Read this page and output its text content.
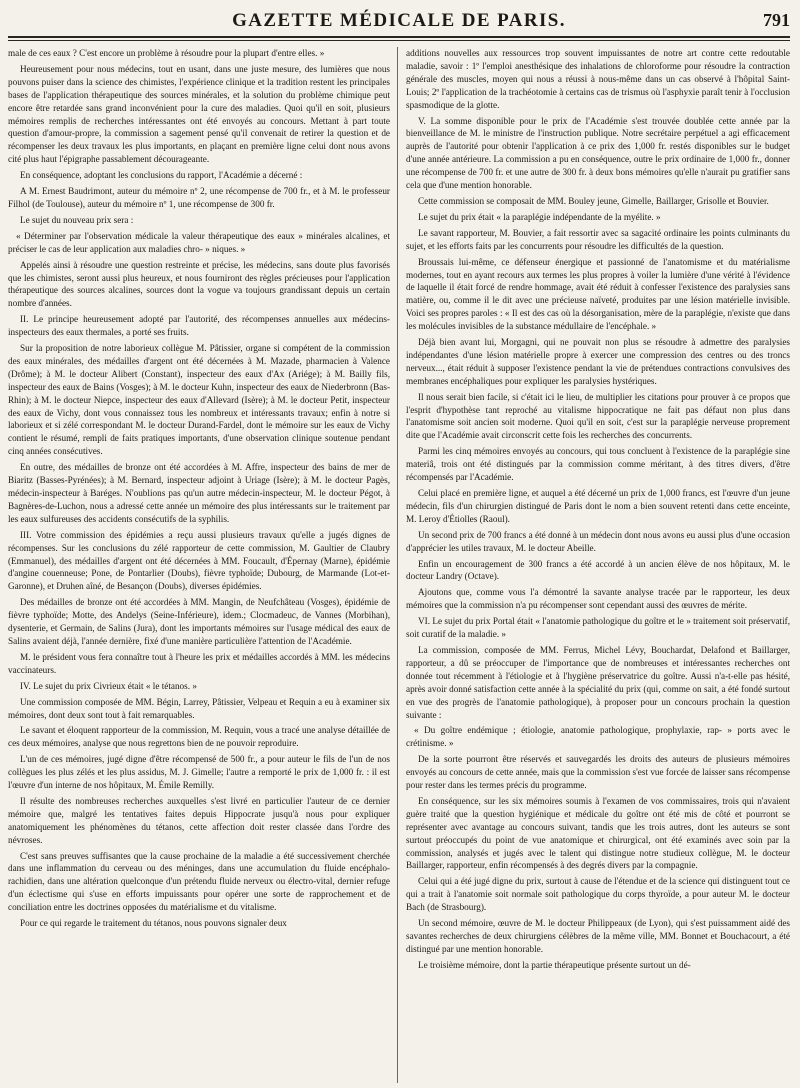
GAZETTE MÉDICALE DE PARIS.	791

male de ces eaux ? C'est encore un problème à résoudre pour la plupart d'entre elles. »

Heureusement pour nous médecins, tout en usant, dans une juste mesure, des lumières que nous pouvons puiser dans la science des chimistes, l'expérience clinique et la tradition restent les principales bases de l'application thérapeutique des sources minérales, et la solution du problème chimique peut encore être retardée sans grand inconvénient pour la cure des maladies. Quoi qu'il en soit, plusieurs mémoires remplis de recherches intéressantes ont été envoyés au concours. Mettant à part toute question d'amour-propre, la commission a sagement pensé qu'il convenait de retirer la question et de récompenser les deux travaux les plus importants, en plaçant en première ligne celui dont nous avons cité plus haut l'épigraphe passablement décourageante.

En conséquence, adoptant les conclusions du rapport, l'Académie a décerné :

A M. Ernest Baudrimont, auteur du mémoire nº 2, une récompense de 700 fr., et à M. le professeur Filhol (de Toulouse), auteur du mémoire nº 1, une récompense de 300 fr.

Le sujet du nouveau prix sera :

« Déterminer par l'observation médicale la valeur thérapeutique des eaux » minérales alcalines, et préciser le cas de leur application aux maladies chro- » niques. »

Appelés ainsi à résoudre une question restreinte et précise, les médecins, sans doute plus favorisés que les chimistes, seront aussi plus heureux, et nous fourniront des règles précieuses pour l'application thérapeutique des sources alcalines, sources dont la vogue va toujours grandissant depuis un certain nombre d'années.

II. Le principe heureusement adopté par l'autorité, des récompenses annuelles aux médecins-inspecteurs des eaux thermales, a porté ses fruits.

Sur la proposition de notre laborieux collègue M. Pâtissier, organe si compétent de la commission des eaux minérales, des médailles d'argent ont été décernées à M. Mazade, pharmacien à Valence (Drôme); à M. le docteur Alibert (Constant), inspecteur des eaux d'Ax (Ariége); à M. Bailly fils, inspecteur des eaux de Bains (Vosges); à M. le docteur Kuhn, inspecteur des eaux de Niederbronn (Bas-Rhin); à M. le docteur Niepce, inspecteur des eaux d'Allevard (Isère); à M. le docteur Petit, inspecteur des eaux de Vichy, dont vous connaissez tous les nombreux et intéressants travaux; enfin à notre si laborieux et si zélé correspondant M. le docteur Durand-Fardel, dont le mémoire sur les eaux de Vichy contient le résumé, rempli de faits pratiques importants, d'une observation clinique soutenue pendant cinq années consécutives.

En outre, des médailles de bronze ont été accordées à M. Affre, inspecteur des bains de mer de Biaritz (Basses-Pyrénées); à M. Bernard, inspecteur adjoint à Uriage (Isère); à M. le docteur Pagès, médecin-inspecteur à Baréges. N'oublions pas qu'un autre médecin-inspecteur, M. le docteur Pégot, à Bagnères-de-Luchon, nous a adressé cette année un mémoire des plus intéressants sur le traitement par les eaux sulfureuses des accidents consécutifs de la syphilis.

III. Votre commission des épidémies a reçu aussi plusieurs travaux qu'elle a jugés dignes de récompenses. Sur les conclusions du zélé rapporteur de cette commission, M. Gaultier de Claubry (Emmanuel), des médailles d'argent ont été décernées à MM. Foucault, d'Épernay (Marne), épidémie d'angine couenneuse; Pone, de Pontarlier (Doubs), fièvre typhoïde; Dubourg, de Marmande (Lot-et-Garonne), et Druhen aîné, de Besançon (Doubs), diverses épidémies.

Des médailles de bronze ont été accordées à MM. Mangin, de Neufchâteau (Vosges), épidémie de fièvre typhoïde; Motte, des Andelys (Seine-Inférieure), idem.; Clocmadeuc, de Vannes (Morbihan), dysenterie, et Germain, de Salins (Jura), dont les importants mémoires sur l'usage médical des eaux de Salins avaient déjà, l'année dernière, fixé d'une manière particulière l'attention de l'Académie.

M. le président vous fera connaître tout à l'heure les prix et médailles accordés à MM. les médecins vaccinateurs.

IV. Le sujet du prix Civrieux était « le tétanos. »

Une commission composée de MM. Bégin, Larrey, Pâtissier, Velpeau et Requin a eu à examiner six mémoires, dont deux sont tout à fait remarquables.

Le savant et éloquent rapporteur de la commission, M. Requin, vous a tracé une analyse détaillée de ces deux mémoires, analyse que nous regrettons bien de ne pouvoir reproduire.

L'un de ces mémoires, jugé digne d'être récompensé de 500 fr., a pour auteur le fils de l'un de nos collègues les plus zélés et les plus assidus, M. J. Gimelle; l'autre a remporté le prix de 1,000 fr. : il est l'œuvre d'un interne de nos hôpitaux, M. Émile Remilly.

Il résulte des nombreuses recherches auxquelles s'est livré en particulier l'auteur de ce dernier mémoire que, malgré les tentatives faites depuis Hippocrate jusqu'à nous pour expliquer anatomiquement les phénomènes du tétanos, cette affection doit rester classée dans l'ordre des névroses.

C'est sans preuves suffisantes que la cause prochaine de la maladie a été successivement cherchée dans une inflammation du cerveau ou des méninges, dans une accumulation du fluide encéphalo-rachidien, dans une altération quelconque d'un prétendu fluide nerveux ou électro-vital, dernier refuge d'un éclectisme qui s'use en efforts impuissants pour opérer une sorte de rapprochement et de conciliation entre les doctrines opposées du matérialisme et du vitalisme.

Pour ce qui regarde le traitement du tétanos, nous pouvons signaler deux

additions nouvelles aux ressources trop souvent impuissantes de notre art contre cette redoutable maladie, savoir : 1º l'emploi anesthésique des inhalations de chloroforme pour résoudre la contraction générale des muscles, moyen qui nous a réussi à nous-même dans un cas observé à l'hôpital Saint-Louis; 2º l'application de la trachéotomie à certains cas de trismus où l'asphyxie paraît tenir à l'occlusion spasmodique de la glotte.

V. La somme disponible pour le prix de l'Académie s'est trouvée doublée cette année par la bienveillance de M. le ministre de l'instruction publique. Notre secrétaire perpétuel a agi efficacement auprès de l'autorité pour obtenir l'application à ce prix des 1,000 fr. restés disponibles sur le budget d'une année antérieure. La commission a pu en conséquence, outre le prix ordinaire de 1,000 fr., donner une récompense de 700 fr. et une autre de 300 fr. à deux bons mémoires qu'elle n'aurait pu gratifier sans cela que d'une mention honorable.

Cette commission se composait de MM. Bouley jeune, Gimelle, Baillarger, Grisolle et Bouvier.

Le sujet du prix était « la paraplégie indépendante de la myélite. »

Le savant rapporteur, M. Bouvier, a fait ressortir avec sa sagacité ordinaire les points culminants du sujet, et les efforts faits par les concurrents pour résoudre les difficultés de la question.

Broussais lui-même, ce défenseur énergique et passionné de l'anatomisme et du matérialisme modernes, tout en ayant recours aux termes les plus propres à voiler la lumière d'une vérité à l'évidence de laquelle il était forcé de rendre hommage, avait été réduit à confesser l'existence des paralysies sans matière, ou, comme il le dit avec une précieuse naïveté, produites par une lésion matérielle invisible. Voici ses propres paroles : « Il est des cas où la désorganisation, mère de la paraplégie, n'existe que dans les molécules invisibles de la substance médullaire de l'encéphale. »

Déjà bien avant lui, Morgagni, qui ne pouvait non plus se résoudre à admettre des paralysies indépendantes d'une lésion matérielle propre à exercer une compression des centres ou des troncs nerveux..., était réduit à supposer l'existence pendant la vie de prétendues contractions convulsives des membranes encéphaliques pour expliquer les paralysies hystériques.

Il nous serait bien facile, si c'était ici le lieu, de multiplier les citations pour prouver à ce propos que l'esprit d'hypothèse tant reproché au vitalisme hippocratique ne fait pas défaut non plus dans l'anatomisme soit ancien soit moderne. Quoi qu'il en soit, c'est sur la paraplégie nerveuse proprement dite que l'Académie avait circonscrit cette fois les recherches des concurrents.

Parmi les cinq mémoires envoyés au concours, qui tous concluent à l'existence de la paraplégie sine materiâ, trois ont été distingués par la commission comme méritant, à des titres divers, d'être récompensés par l'Académie.

Celui placé en première ligne, et auquel a été décerné un prix de 1,000 francs, est l'œuvre d'un jeune médecin, fils d'un chirurgien distingué de Paris dont le nom a bien souvent retenti dans cette enceinte, M. Leroy d'Étiolles (Raoul).

Un second prix de 700 francs a été donné à un médecin dont nous avons eu aussi plus d'une occasion d'apprécier les utiles travaux, M. le docteur Abeille.

Enfin un encouragement de 300 francs a été accordé à un ancien élève de nos hôpitaux, M. le docteur Landry (Octave).

Ajoutons que, comme vous l'a démontré la savante analyse tracée par le rapporteur, les deux mémoires que la commission n'a pu récompenser sont cependant aussi des œuvres de mérite.

VI. Le sujet du prix Portal était « l'anatomie pathologique du goître et le » traitement soit préservatif, soit curatif de la maladie. »

La commission, composée de MM. Ferrus, Michel Lévy, Bouchardat, Delafond et Baillarger, rapporteur, a dû se préoccuper de l'importance que de nombreuses et intéressantes recherches ont donnée tout récemment à l'étiologie et à l'hygiène préservatrice du goître. Aussi n'a-t-elle pas hésité, après avoir donné satisfaction cette année à la spécialité du prix (qui, comme on sait, a été fondé surtout en vue des progrès de l'anatomie pathologique), à proposer pour un concours prochain la question suivante :

« Du goître endémique ; étiologie, anatomie pathologique, prophylaxie, rap- » ports avec le crétinisme. »

De la sorte pourront être réservés et sauvegardés les droits des auteurs de plusieurs mémoires envoyés au concours de cette année, mais que la commission s'est vue forcée de laisser sans récompense pour rester dans les termes précis du programme.

En conséquence, sur les six mémoires soumis à l'examen de vos commissaires, trois qui n'avaient guère traité que la question hygiénique et médicale du goître ont été mis de côté et pourront se représenter avec avantage au concours suivant, tandis que les trois autres, dont les auteurs se sont surtout préoccupés du point de vue anatomique et chirurgical, ont été examinés avec soin par la commission, analysés et jugés avec le talent qui distingue notre studieux collègue, M. le docteur Baillarger, rapporteur, enfin récompensés à des degrés divers par la compagnie.

Celui qui a été jugé digne du prix, surtout à cause de l'étendue et de la science qui distinguent tout ce qui a trait à l'anatomie soit normale soit pathologique du corps thyroïde, a pour auteur M. le docteur Bach (de Strasbourg).

Un second mémoire, œuvre de M. le docteur Philippeaux (de Lyon), qui s'est puissamment aidé des savantes recherches de deux chirurgiens célèbres de la même ville, MM. Bonnet et Bouchacourt, a été distingué par une mention honorable.

Le troisième mémoire, dont la partie thérapeutique présente surtout un dé-
